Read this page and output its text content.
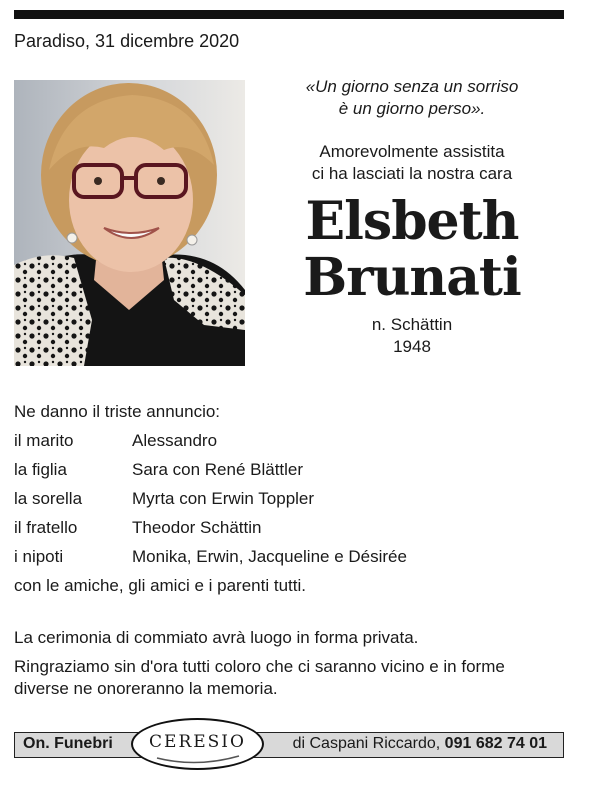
Paradiso, 31 dicembre 2020

«Un giorno senza un sorriso
è un giorno perso».

Amorevolmente assistita
ci ha lasciati la nostra cara

Elsbeth
Brunati
n. Schättin
1948
Ne danno il triste annuncio:
il marito	Alessandro
la figlia	Sara con René Blättler
la sorella	Myrta con Erwin Toppler
il fratello	Theodor Schättin
i nipoti	Monika, Erwin, Jacqueline e Désirée
con le amiche, gli amici e i parenti tutti.

La cerimonia di commiato avrà luogo in forma privata.

Ringraziamo sin d'ora tutti coloro che ci saranno vicino e in forme diverse ne onoreranno la memoria.

On. Funebri	di Caspani Riccardo, 091 682 74 01
CERESIO
